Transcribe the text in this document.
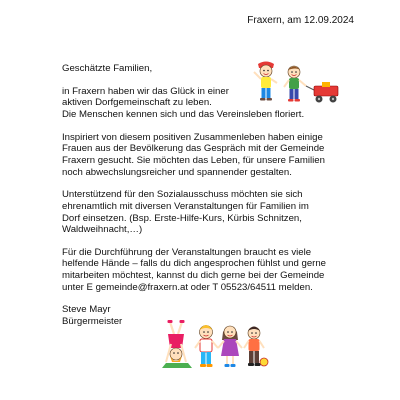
Fraxern, am 12.09.2024

Geschätzte Familien,

in Fraxern haben wir das Glück in einer
aktiven Dorfgemeinschaft zu leben.
Die Menschen kennen sich und das Vereinsleben floriert.

Inspiriert von diesem positiven Zusammenleben haben einige
Frauen aus der Bevölkerung das Gespräch mit der Gemeinde
Fraxern gesucht. Sie möchten das Leben, für unsere Familien
noch abwechslungsreicher und spannender gestalten.

Unterstützend für den Sozialausschuss möchten sie sich
ehrenamtlich mit diversen Veranstaltungen für Familien im
Dorf einsetzen. (Bsp. Erste-Hilfe-Kurs, Kürbis Schnitzen,
Waldweihnacht,…)

Für die Durchführung der Veranstaltungen braucht es viele
helfende Hände – falls du dich angesprochen fühlst und gerne
mitarbeiten möchtest, kannst du dich gerne bei der Gemeinde
unter E gemeinde@fraxern.at oder T 05523/64511 melden.

Steve Mayr
Bürgermeister
